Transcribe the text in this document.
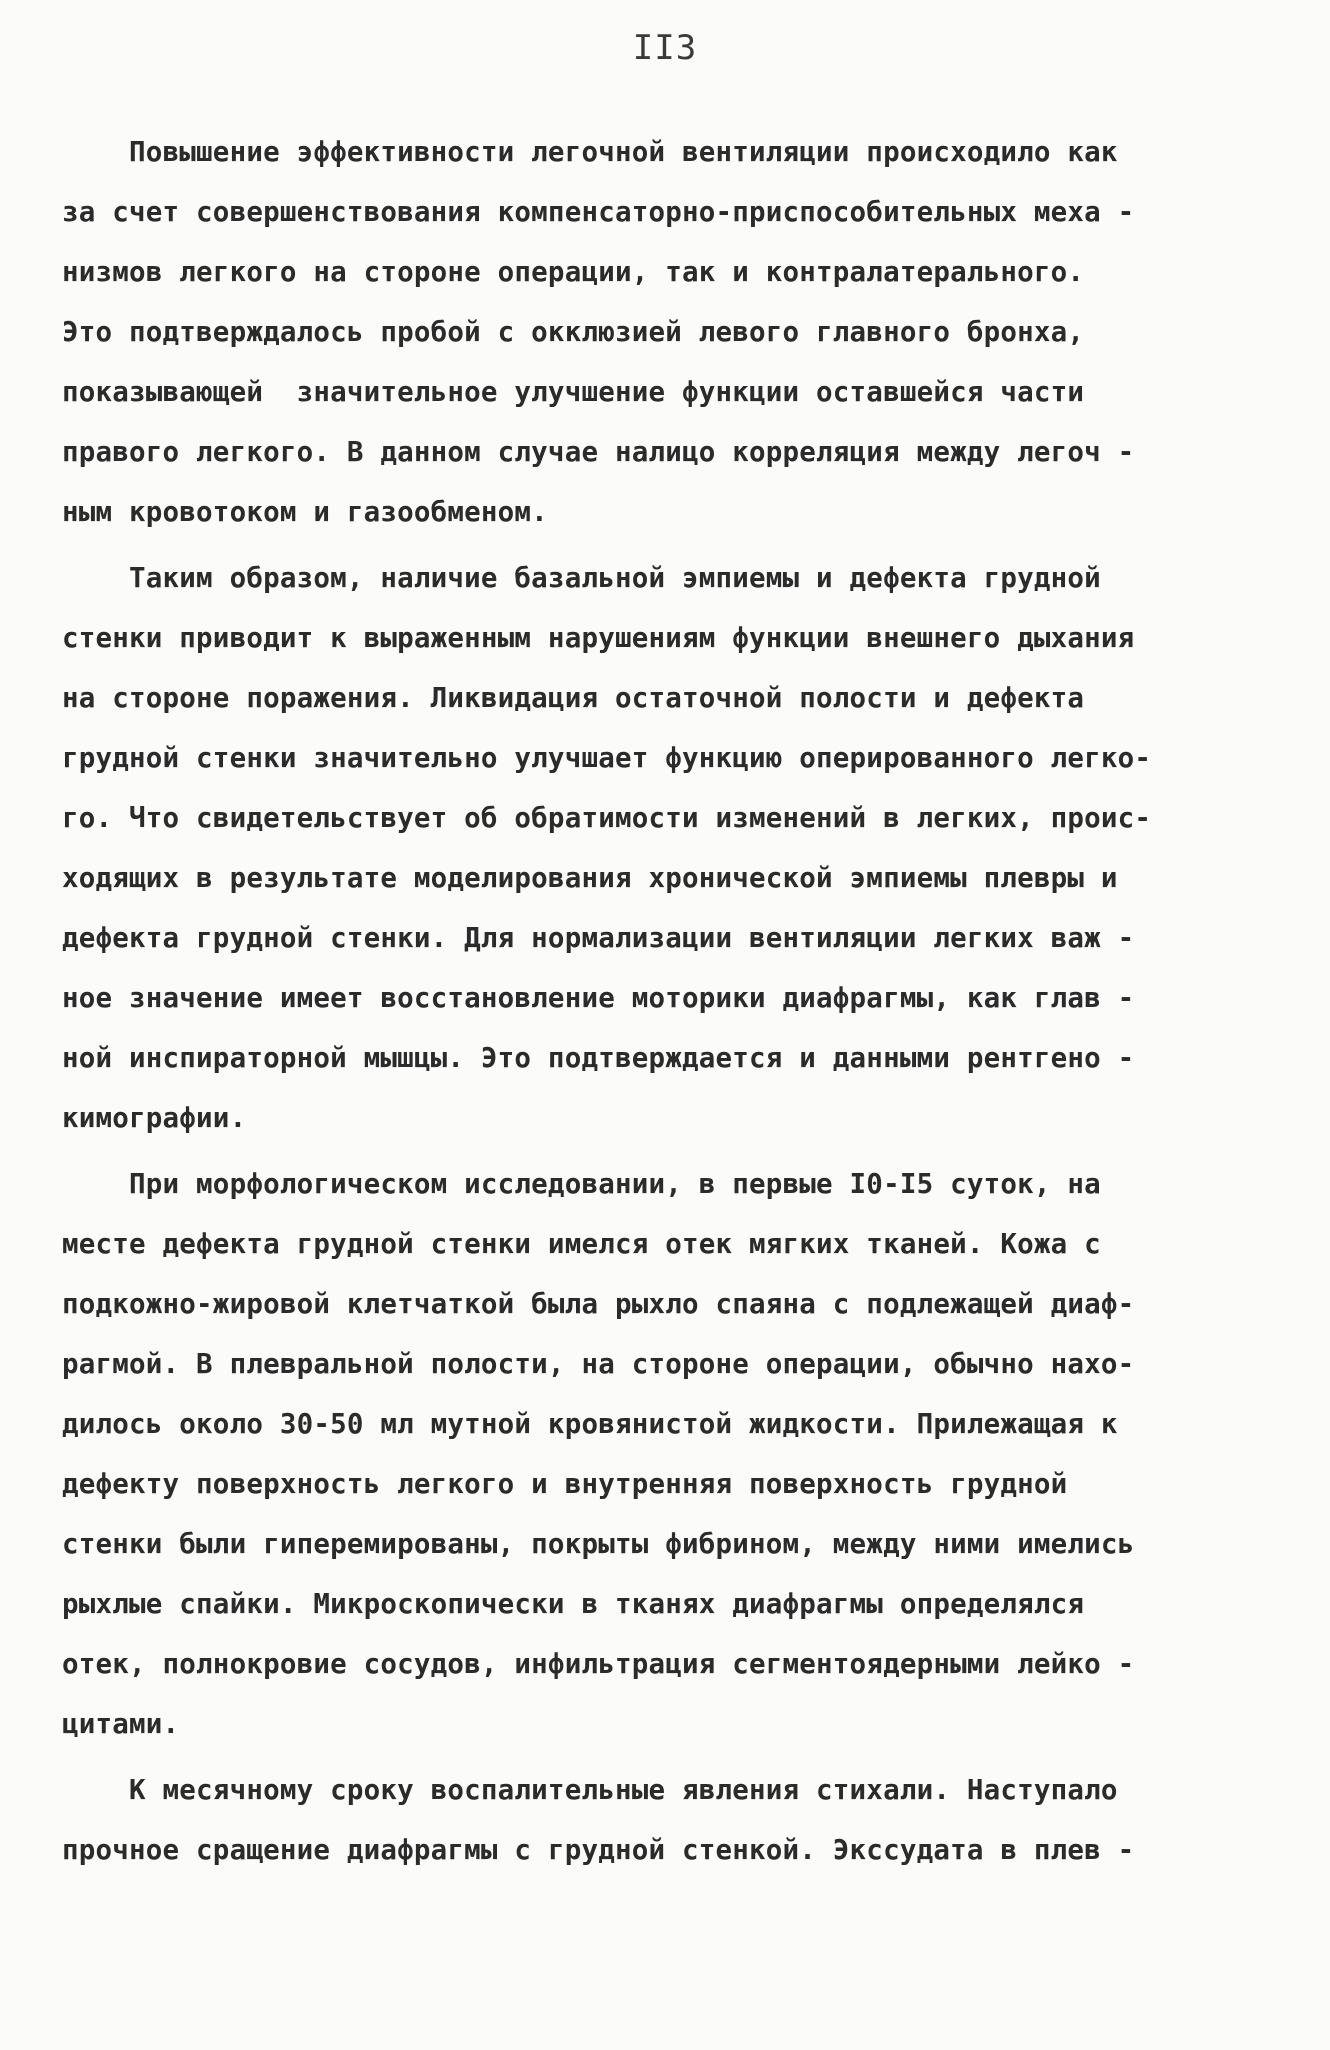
II3
Повышение эффективности легочной вентиляции происходило как
за счет совершенствования компенсаторно-приспособительных меха -
низмов легкого на стороне операции, так и контралатерального.
Это подтверждалось пробой с окклюзией левого главного бронха,
показывающей  значительное улучшение функции оставшейся части
правого легкого. В данном случае налицо корреляция между легоч -
ным кровотоком и газообменом.
Таким образом, наличие базальной эмпиемы и дефекта грудной
стенки приводит к выраженным нарушениям функции внешнего дыхания
на стороне поражения. Ликвидация остаточной полости и дефекта
грудной стенки значительно улучшает функцию оперированного легко-
го. Что свидетельствует об обратимости изменений в легких, проис-
ходящих в результате моделирования хронической эмпиемы плевры и
дефекта грудной стенки. Для нормализации вентиляции легких важ -
ное значение имеет восстановление моторики диафрагмы, как глав -
ной инспираторной мышцы. Это подтверждается и данными рентгено -
кимографии.
При морфологическом исследовании, в первые I0-I5 суток, на
месте дефекта грудной стенки имелся отек мягких тканей. Кожа с
подкожно-жировой клетчаткой была рыхло спаяна с подлежащей диаф-
рагмой. В плевральной полости, на стороне операции, обычно нахо-
дилось около 30-50 мл мутной кровянистой жидкости. Прилежащая к
дефекту поверхность легкого и внутренняя поверхность грудной
стенки были гиперемированы, покрыты фибрином, между ними имелись
рыхлые спайки. Микроскопически в тканях диафрагмы определялся
отек, полнокровие сосудов, инфильтрация сегментоядерными лейко -
цитами.
К месячному сроку воспалительные явления стихали. Наступало
прочное сращение диафрагмы с грудной стенкой. Экссудата в плев -
